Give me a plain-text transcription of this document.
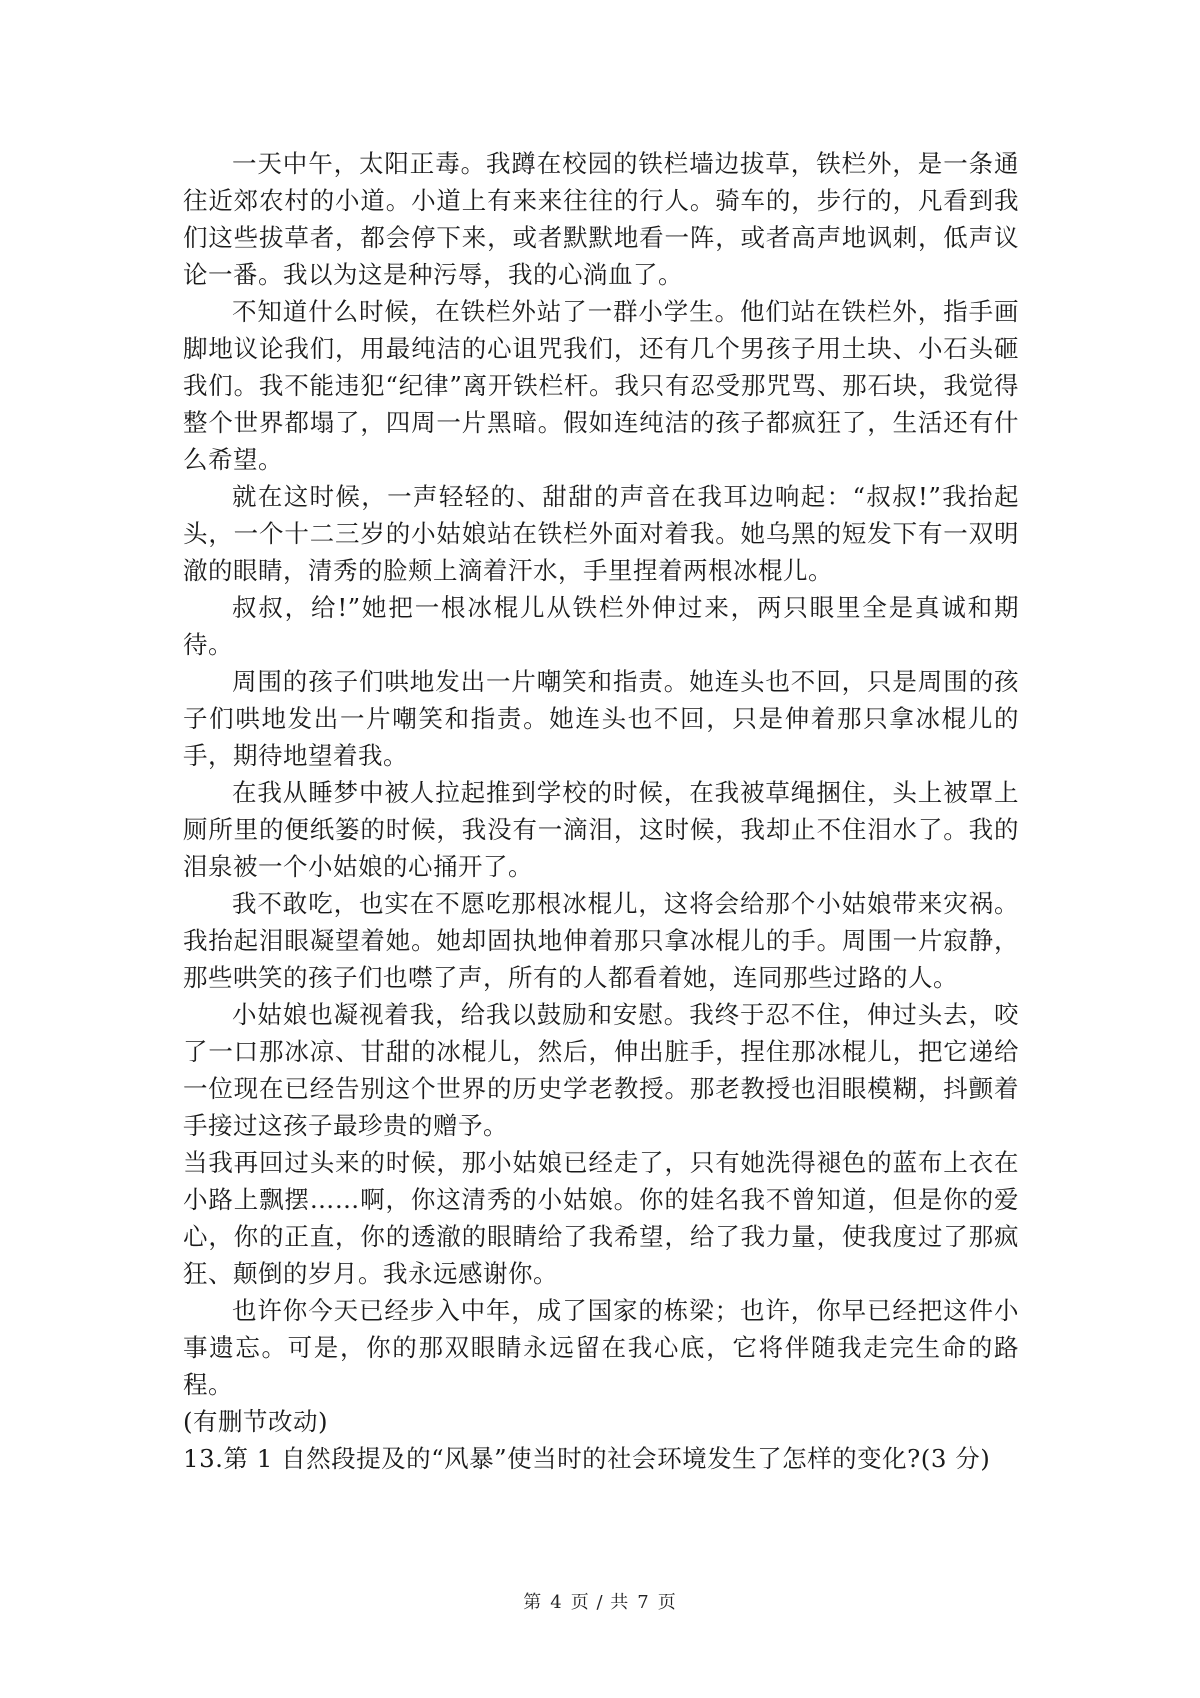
一天中午，太阳正毒。我蹲在校园的铁栏墙边拔草，铁栏外，是一条通往近郊农村的小道。小道上有来来往往的行人。骑车的，步行的，凡看到我们这些拔草者，都会停下来，或者默默地看一阵，或者高声地讽刺，低声议论一番。我以为这是种污辱，我的心淌血了。

不知道什么时候，在铁栏外站了一群小学生。他们站在铁栏外，指手画脚地议论我们，用最纯洁的心诅咒我们，还有几个男孩子用土块、小石头砸我们。我不能违犯“纪律”离开铁栏杆。我只有忍受那咒骂、那石块，我觉得整个世界都塌了，四周一片黑暗。假如连纯洁的孩子都疯狂了，生活还有什么希望。

就在这时候，一声轻轻的、甜甜的声音在我耳边响起：“叔叔!”我抬起头，一个十二三岁的小姑娘站在铁栏外面对着我。她乌黑的短发下有一双明澈的眼睛，清秀的脸颊上滴着汗水，手里捏着两根冰棍儿。

叔叔，给!”她把一根冰棍儿从铁栏外伸过来，两只眼里全是真诚和期待。

周围的孩子们哄地发出一片嘲笑和指责。她连头也不回，只是周围的孩子们哄地发出一片嘲笑和指责。她连头也不回，只是伸着那只拿冰棍儿的手，期待地望着我。

在我从睡梦中被人拉起推到学校的时候，在我被草绳捆住，头上被罩上厕所里的便纸篓的时候，我没有一滴泪，这时候，我却止不住泪水了。我的泪泉被一个小姑娘的心捅开了。

我不敢吃，也实在不愿吃那根冰棍儿，这将会给那个小姑娘带来灾祸。我抬起泪眼凝望着她。她却固执地伸着那只拿冰棍儿的手。周围一片寂静，那些哄笑的孩子们也噤了声，所有的人都看着她，连同那些过路的人。

小姑娘也凝视着我，给我以鼓励和安慰。我终于忍不住，伸过头去，咬了一口那冰凉、甘甜的冰棍儿，然后，伸出脏手，捏住那冰棍儿，把它递给一位现在已经告别这个世界的历史学老教授。那老教授也泪眼模糊，抖颤着手接过这孩子最珍贵的赠予。

当我再回过头来的时候，那小姑娘已经走了，只有她洗得褪色的蓝布上衣在小路上飘摆……啊，你这清秀的小姑娘。你的娃名我不曾知道，但是你的爱心，你的正直，你的透澈的眼睛给了我希望，给了我力量，使我度过了那疯狂、颠倒的岁月。我永远感谢你。

也许你今天已经步入中年，成了国家的栋梁；也许，你早已经把这件小事遗忘。可是，你的那双眼睛永远留在我心底，它将伴随我走完生命的路程。

(有删节改动)

13.第 1 自然段提及的“风暴”使当时的社会环境发生了怎样的变化?(3 分)

第 4 页 / 共 7 页
